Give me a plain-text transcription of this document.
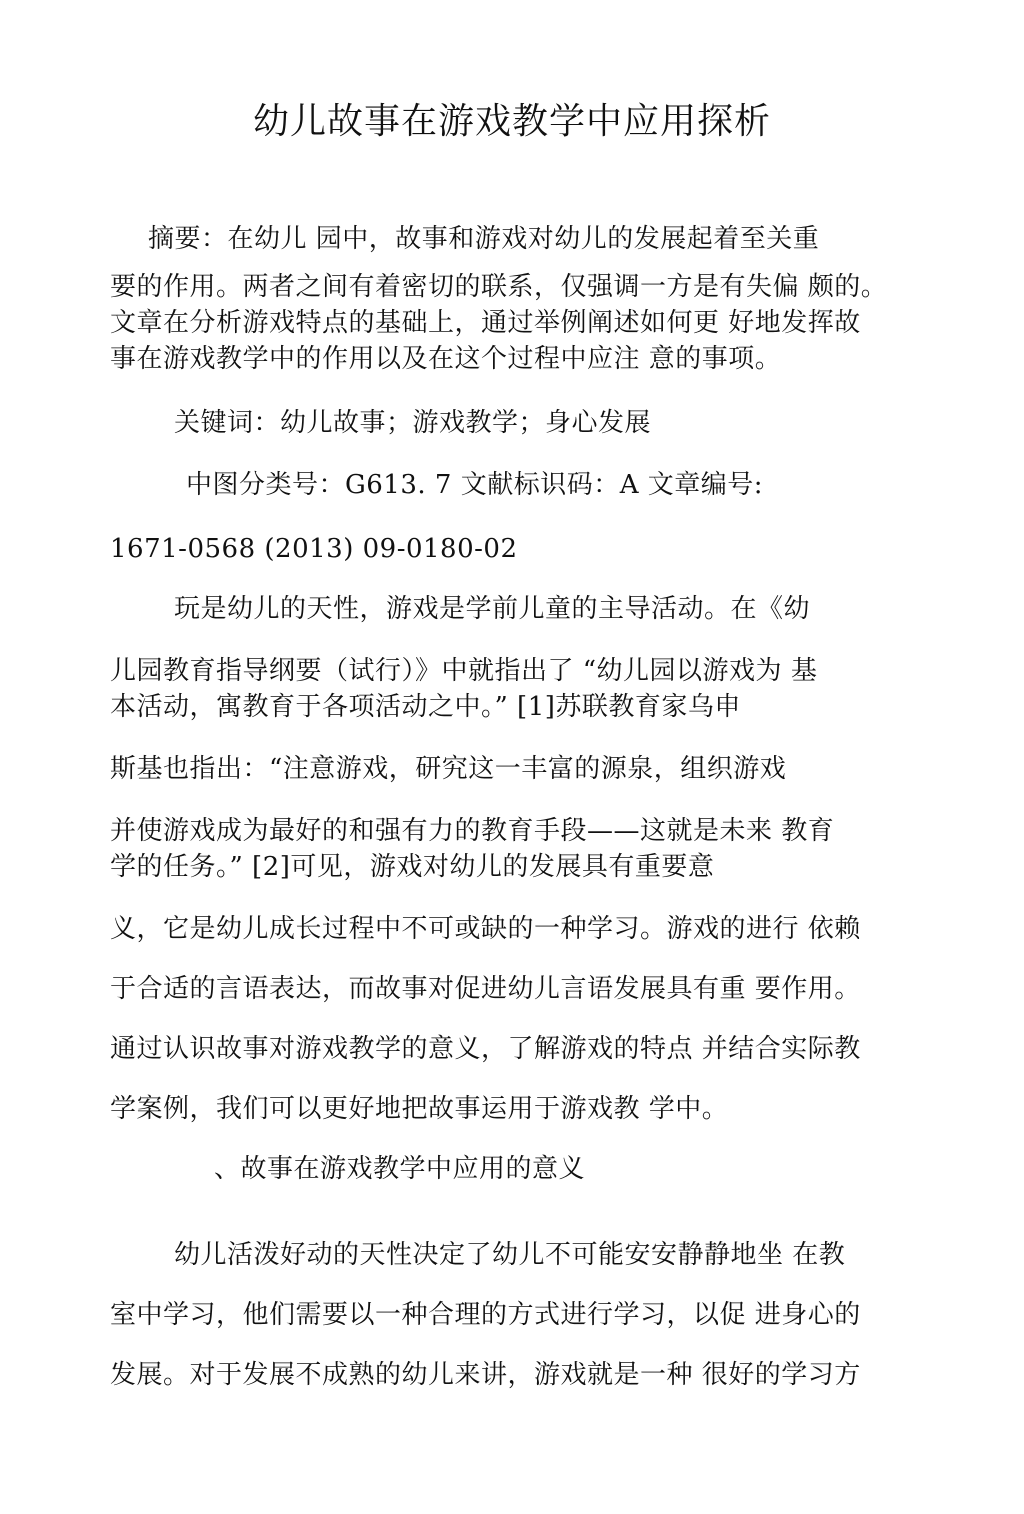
幼儿故事在游戏教学中应用探析
摘要：在幼儿 园中，故事和游戏对幼儿的发展起着至关重
要的作用。两者之间有着密切的联系，仅强调一方是有失偏 颇的。
文章在分析游戏特点的基础上，通过举例阐述如何更 好地发挥故
事在游戏教学中的作用以及在这个过程中应注 意的事项。
关键词：幼儿故事；游戏教学；身心发展
中图分类号：G613. 7 文献标识码：A 文章编号:
1671-0568 (2013) 09-0180-02
玩是幼儿的天性，游戏是学前儿童的主导活动。在《幼
儿园教育指导纲要（试行）》中就指出了 “幼儿园以游戏为 基
本活动，寓教育于各项活动之中。” [1]苏联教育家乌申
斯基也指出：“注意游戏，研究这一丰富的源泉，组织游戏
并使游戏成为最好的和强有力的教育手段——这就是未来 教育
学的任务。” [2]可见，游戏对幼儿的发展具有重要意
义，它是幼儿成长过程中不可或缺的一种学习。游戏的进行 依赖
于合适的言语表达，而故事对促进幼儿言语发展具有重 要作用。
通过认识故事对游戏教学的意义，了解游戏的特点 并结合实际教
学案例，我们可以更好地把故事运用于游戏教 学中。
、故事在游戏教学中应用的意义
幼儿活泼好动的天性决定了幼儿不可能安安静静地坐 在教
室中学习，他们需要以一种合理的方式进行学习，以促 进身心的
发展。对于发展不成熟的幼儿来讲，游戏就是一种 很好的学习方
